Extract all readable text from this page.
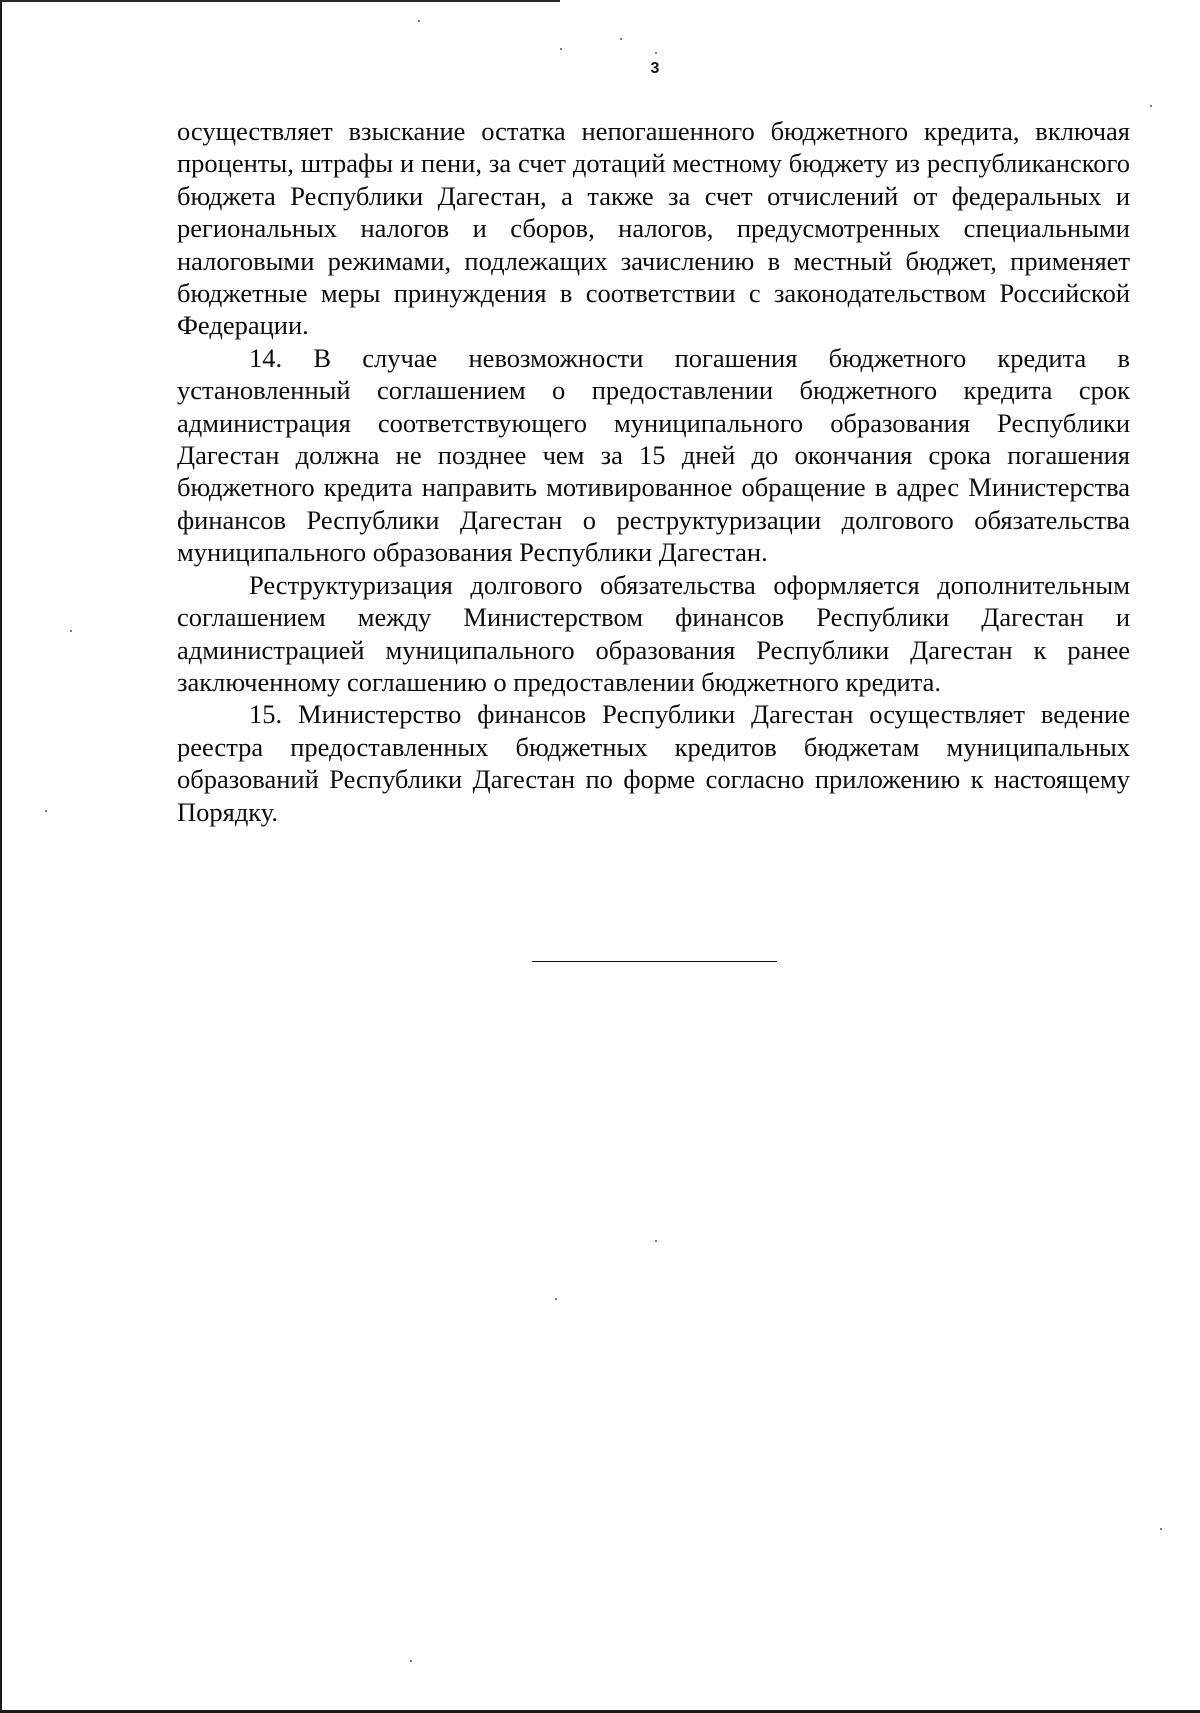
3

осуществляет взыскание остатка непогашенного бюджетного кредита, включая проценты, штрафы и пени, за счет дотаций местному бюджету из республиканского бюджета Республики Дагестан, а также за счет отчислений от федеральных и региональных налогов и сборов, налогов, предусмотренных специальными налоговыми режимами, подлежащих зачислению в местный бюджет, применяет бюджетные меры принуждения в соответствии с законодательством Российской Федерации.

14. В случае невозможности погашения бюджетного кредита в установленный соглашением о предоставлении бюджетного кредита срок администрация соответствующего муниципального образования Республики Дагестан должна не позднее чем за 15 дней до окончания срока погашения бюджетного кредита направить мотивированное обращение в адрес Министерства финансов Республики Дагестан о реструктуризации долгового обязательства муниципального образования Республики Дагестан.

Реструктуризация долгового обязательства оформляется дополнительным соглашением между Министерством финансов Республики Дагестан и администрацией муниципального образования Республики Дагестан к ранее заключенному соглашению о предоставлении бюджетного кредита.

15. Министерство финансов Республики Дагестан осуществляет ведение реестра предоставленных бюджетных кредитов бюджетам муниципальных образований Республики Дагестан по форме согласно приложению к настоящему Порядку.
